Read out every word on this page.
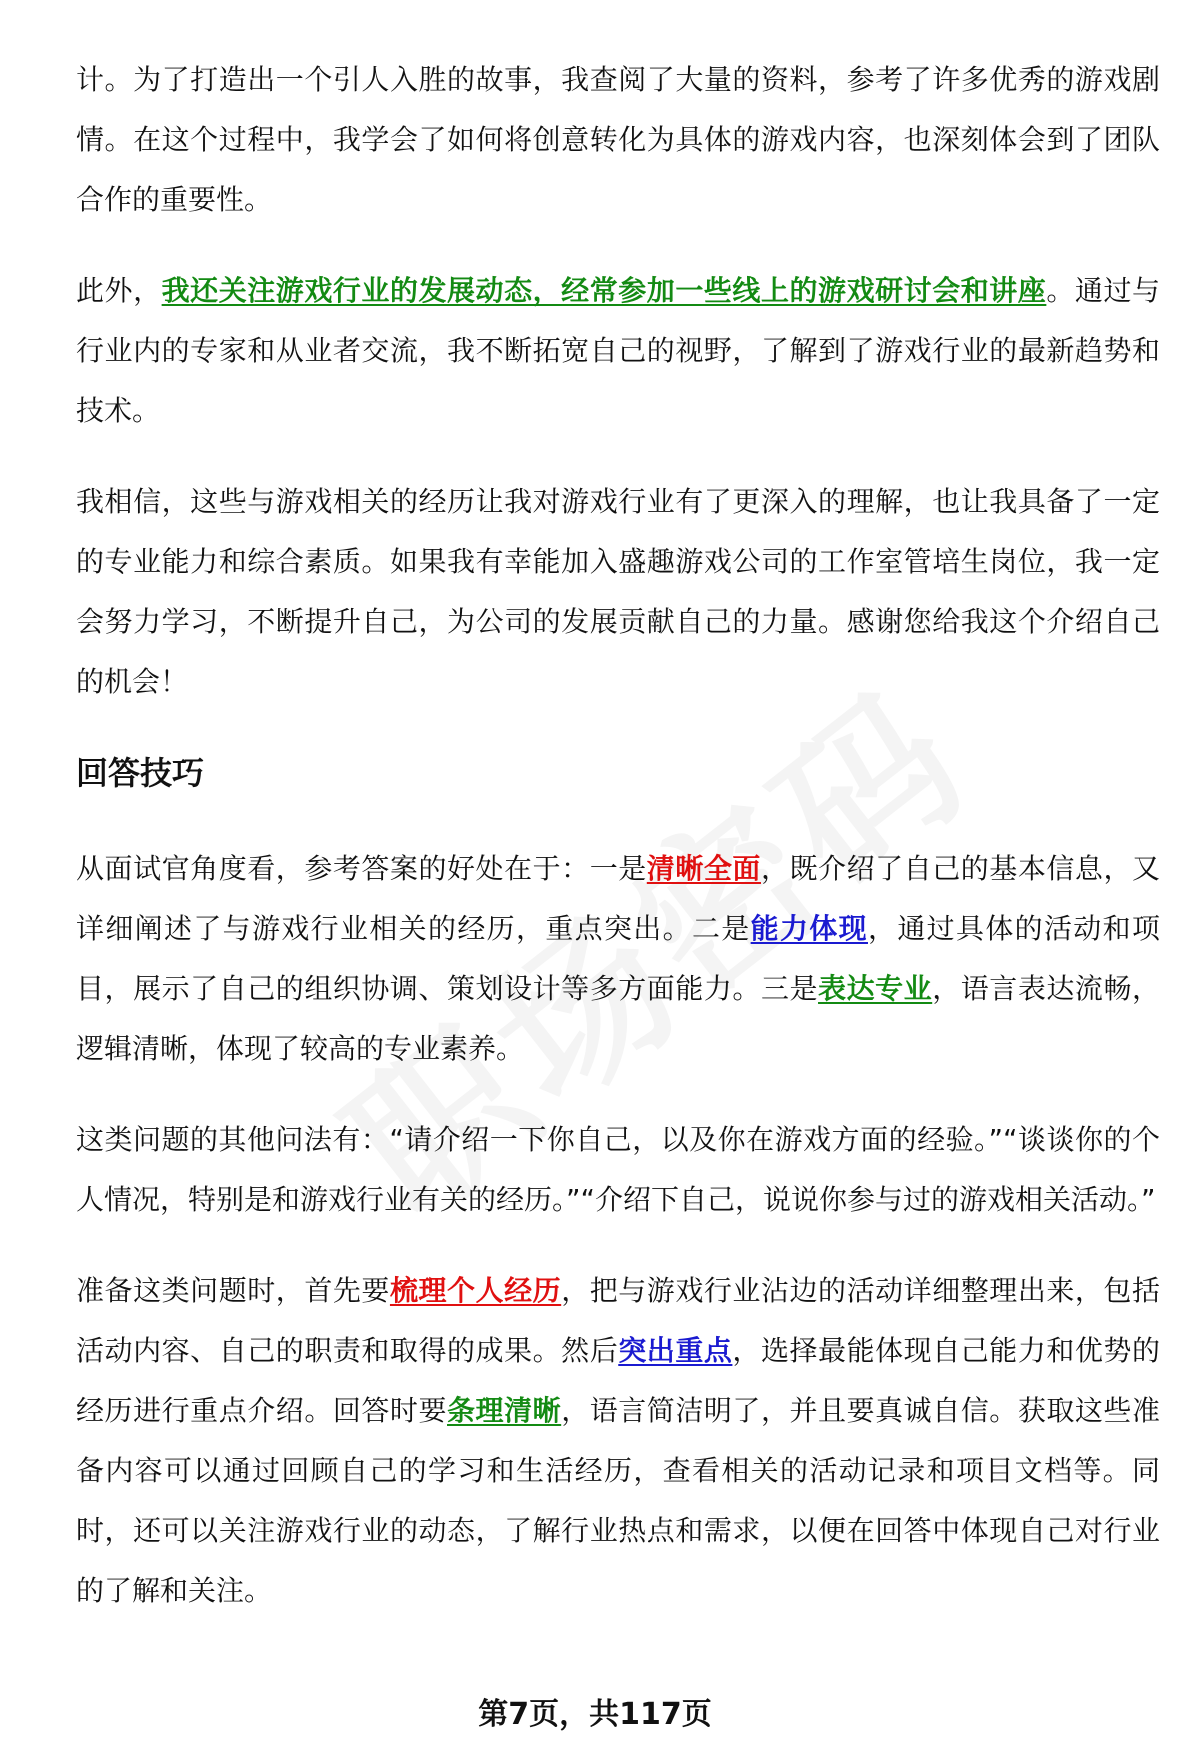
计。为了打造出一个引人入胜的故事，我查阅了大量的资料，参考了许多优秀的游戏剧情。在这个过程中，我学会了如何将创意转化为具体的游戏内容，也深刻体会到了团队合作的重要性。

此外，我还关注游戏行业的发展动态，经常参加一些线上的游戏研讨会和讲座。通过与行业内的专家和从业者交流，我不断拓宽自己的视野，了解到了游戏行业的最新趋势和技术。

我相信，这些与游戏相关的经历让我对游戏行业有了更深入的理解，也让我具备了一定的专业能力和综合素质。如果我有幸能加入盛趣游戏公司的工作室管培生岗位，我一定会努力学习，不断提升自己，为公司的发展贡献自己的力量。感谢您给我这个介绍自己的机会！

回答技巧

从面试官角度看，参考答案的好处在于：一是清晰全面，既介绍了自己的基本信息，又详细阐述了与游戏行业相关的经历，重点突出。二是能力体现，通过具体的活动和项目，展示了自己的组织协调、策划设计等多方面能力。三是表达专业，语言表达流畅，逻辑清晰，体现了较高的专业素养。

这类问题的其他问法有：“请介绍一下你自己，以及你在游戏方面的经验。”“谈谈你的个人情况，特别是和游戏行业有关的经历。”“介绍下自己，说说你参与过的游戏相关活动。”

准备这类问题时，首先要梳理个人经历，把与游戏行业沾边的活动详细整理出来，包括活动内容、自己的职责和取得的成果。然后突出重点，选择最能体现自己能力和优势的经历进行重点介绍。回答时要条理清晰，语言简洁明了，并且要真诚自信。获取这些准备内容可以通过回顾自己的学习和生活经历，查看相关的活动记录和项目文档等。同时，还可以关注游戏行业的动态，了解行业热点和需求，以便在回答中体现自己对行业的了解和关注。

第7页，共117页
